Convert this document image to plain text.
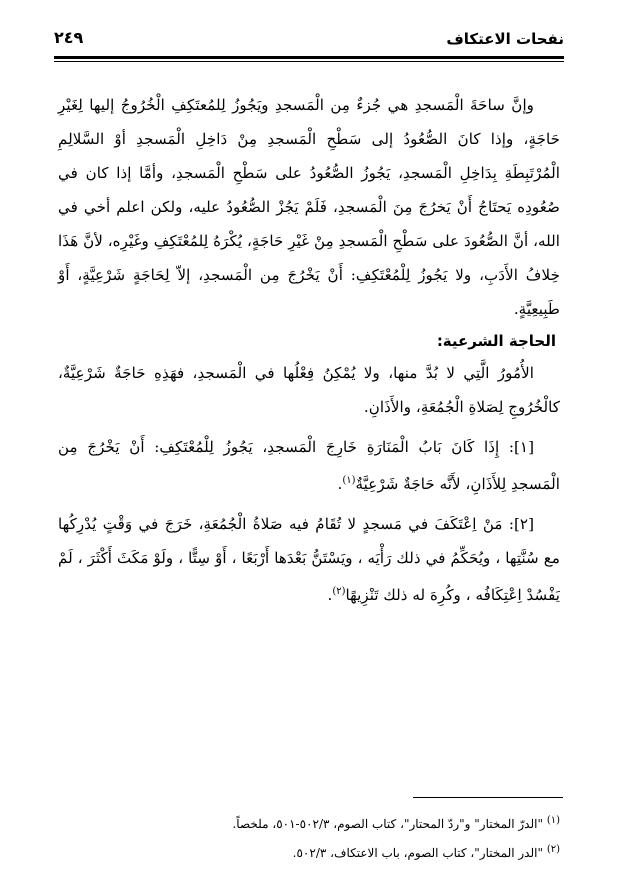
نفحات الاعتكاف
٢٤٩

وإنَّ ساحَةَ الْمَسجدِ هي جُزءٌ مِن الْمَسجدِ ويَجُوزُ لِلمُعتَكِفِ الْخُرُوجُ إليها لِغَيْرِ حَاجَةٍ، وإذا كانَ الصُّعُودُ إلى سَطْحِ الْمَسجدِ مِنْ دَاخِلِ الْمَسجدِ أوْ السَّلالِمِ الْمُرْتَبِطَةِ بِدَاخِلِ الْمَسجدِ، يَجُوزُ الصُّعُودُ على سَطْحِ الْمَسجدِ، وأمَّا إذا كان في صُعُودِه يَحتَاجُ أَنْ يَخرُجَ مِنَ الْمَسجدِ، فَلَمْ يَجُزْ الصُّعُودُ عليه، ولكن اعلم أخي في الله، أنَّ الصُّعُودَ على سَطْحِ الْمَسجدِ مِنْ غَيْرِ حَاجَةٍ، يُكْرَهُ لِلمُعْتَكِفِ وغَيْرِه، لأنَّ هَذَا خِلافُ الأَدَبِ، ولا يَجُوزُ لِلْمُعْتَكِفِ: أَنْ يَخْرُجَ مِن الْمَسجدِ، إلاّ لِحَاجَةٍ شَرْعِيَّةٍ، أَوْ طَبِيعِيَّةٍ.

الحاجة الشرعية:

الأُمُورُ الَّتِي لا بُدَّ منها، ولا يُمْكِنُ فِعْلُها في الْمَسجدِ، فهَذِهِ حَاجَةٌ شَرْعِيَّةٌ، كالْخُرُوجِ لِصَلاةِ الْجُمُعَةِ، والأَذَانِ.

[١]: إِذَا كَانَ بَابُ الْمَنَارَةِ خَارِجَ الْمَسجدِ، يَجُوزُ لِلْمُعْتَكِفِ: أَنْ يَخْرُجَ مِن الْمَسجدِ لِلأَذَانِ، لأَنَّه حَاجَةٌ شَرْعِيَّةٌ$^{(١)}$.

[٢]: مَنْ اِعْتَكَفَ في مَسجدٍ لا تُقَامُ فيه صَلاةُ الْجُمُعَةِ، خَرَجَ في وَقْتٍ يُدْرِكُها مع سُنَّتِها ، ويُحَكِّمُ في ذلك رَأْيَه ، ويَسْتَنُّ بَعْدَها أَرْبَعًا ، أَوْ سِتًّا ، ولَوْ مَكَثَ أَكْثَرَ ، لَمْ يَفْسُدْ اِعْتِكَافُه ، وكُرِهَ له ذلك تَنْزِيهًا$^{(٢)}$.

$^{(١)}$ "الدرّ المختار" و"ردّ المحتار"، كتاب الصوم، ٥٠٢/٣-٥٠١، ملخصاً.

$^{(٢)}$ "الدر المختار"، كتاب الصوم، باب الاعتكاف، ٥٠٢/٣.
